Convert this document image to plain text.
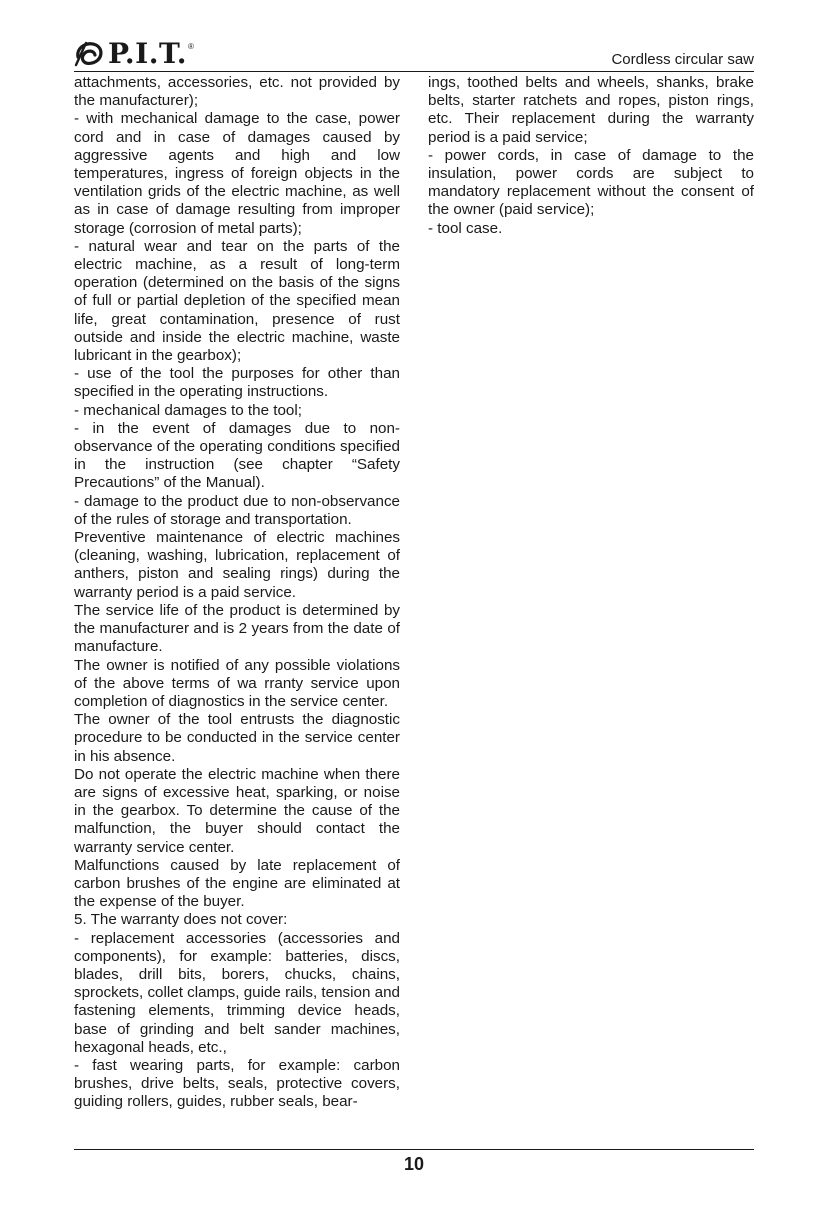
P.I.T. ®
Cordless circular saw

attachments, accessories, etc. not provided by the manufacturer);

- with mechanical damage to the case, power cord and in case of damages caused by aggressive agents and high and low temperatures, ingress of foreign objects in the ventilation grids of the electric machine, as well as in case of damage resulting from improper storage (corrosion of metal parts);

- natural wear and tear on the parts of the electric machine, as a result of long-term operation (determined on the basis of the signs of full or partial depletion of the specified mean life, great contamination, presence of rust outside and inside the electric machine, waste lubricant in the gearbox);

- use of the tool the purposes for other than specified in the operating instructions.

- mechanical damages to the tool;

- in the event of damages due to non-observance of the operating conditions specified in the instruction (see chapter “Safety Precautions” of the Manual).

- damage to the product due to non-observance of the rules of storage and transportation.

Preventive maintenance of electric machines (cleaning, washing, lubrication, replacement of anthers, piston and sealing rings) during the warranty period is a paid service.

The service life of the product is determined by the manufacturer and is 2 years from the date of manufacture.

The owner is notified of any possible violations of the above terms of wa rranty service upon completion of diagnostics in the service center.

The owner of the tool entrusts the diagnostic procedure to be conducted in the service center in his absence.

Do not operate the electric machine when there are signs of excessive heat, sparking, or noise in the gearbox. To determine the cause of the malfunction, the buyer should contact the warranty service center.

Malfunctions caused by late replacement of carbon brushes of the engine are eliminated at the expense of the buyer.

5. The warranty does not cover:

- replacement accessories (accessories and components), for example: batteries, discs, blades, drill bits, borers, chucks, chains, sprockets, collet clamps, guide rails, tension and fastening elements, trimming device heads, base of grinding and belt sander machines, hexagonal heads, etc.,

- fast wearing parts, for example: carbon brushes, drive belts, seals, protective covers, guiding rollers, guides, rubber seals, bear-

ings, toothed belts and wheels, shanks, brake belts, starter ratchets and ropes, piston rings, etc. Their replacement during the warranty period is a paid service;

- power cords, in case of damage to the insulation, power cords are subject to mandatory replacement without the consent of the owner (paid service);

- tool case.

10
